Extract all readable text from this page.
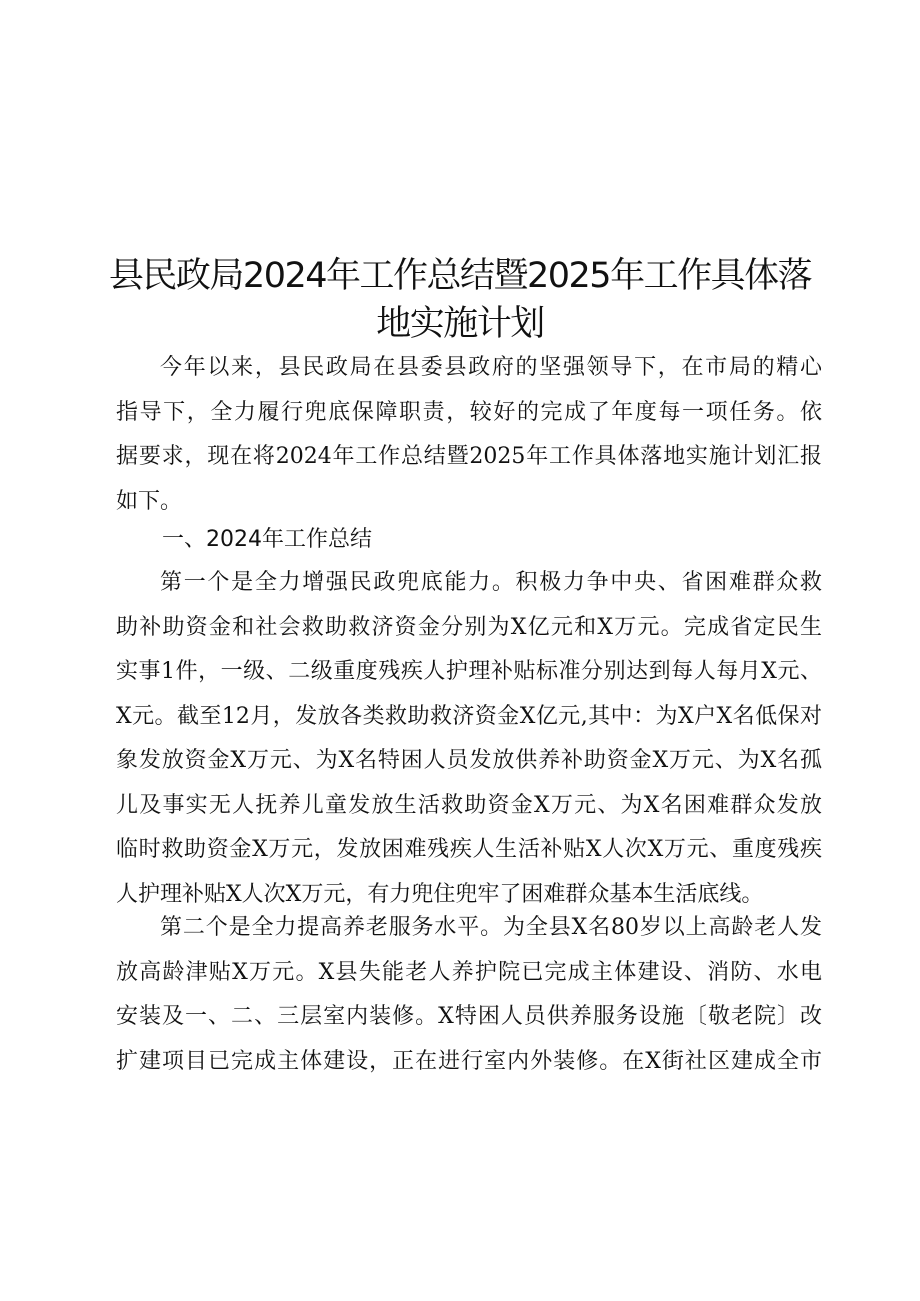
县民政局2024年工作总结暨2025年工作具体落
地实施计划

今年以来，县民政局在县委县政府的坚强领导下，在市局的精心
指导下，全力履行兜底保障职责，较好的完成了年度每一项任务。依
据要求，现在将2024年工作总结暨2025年工作具体落地实施计划汇报
如下。

一、2024年工作总结

第一个是全力增强民政兜底能力。积极力争中央、省困难群众救
助补助资金和社会救助救济资金分别为X亿元和X万元。完成省定民生
实事1件，一级、二级重度残疾人护理补贴标准分别达到每人每月X元、
X元。截至12月，发放各类救助救济资金X亿元,其中：为X户X名低保对
象发放资金X万元、为X名特困人员发放供养补助资金X万元、为X名孤
儿及事实无人抚养儿童发放生活救助资金X万元、为X名困难群众发放
临时救助资金X万元，发放困难残疾人生活补贴X人次X万元、重度残疾
人护理补贴X人次X万元，有力兜住兜牢了困难群众基本生活底线。

第二个是全力提高养老服务水平。为全县X名80岁以上高龄老人发
放高龄津贴X万元。X县失能老人养护院已完成主体建设、消防、水电
安装及一、二、三层室内装修。X特困人员供养服务设施〔敬老院〕改
扩建项目已完成主体建设，正在进行室内外装修。在X街社区建成全市
